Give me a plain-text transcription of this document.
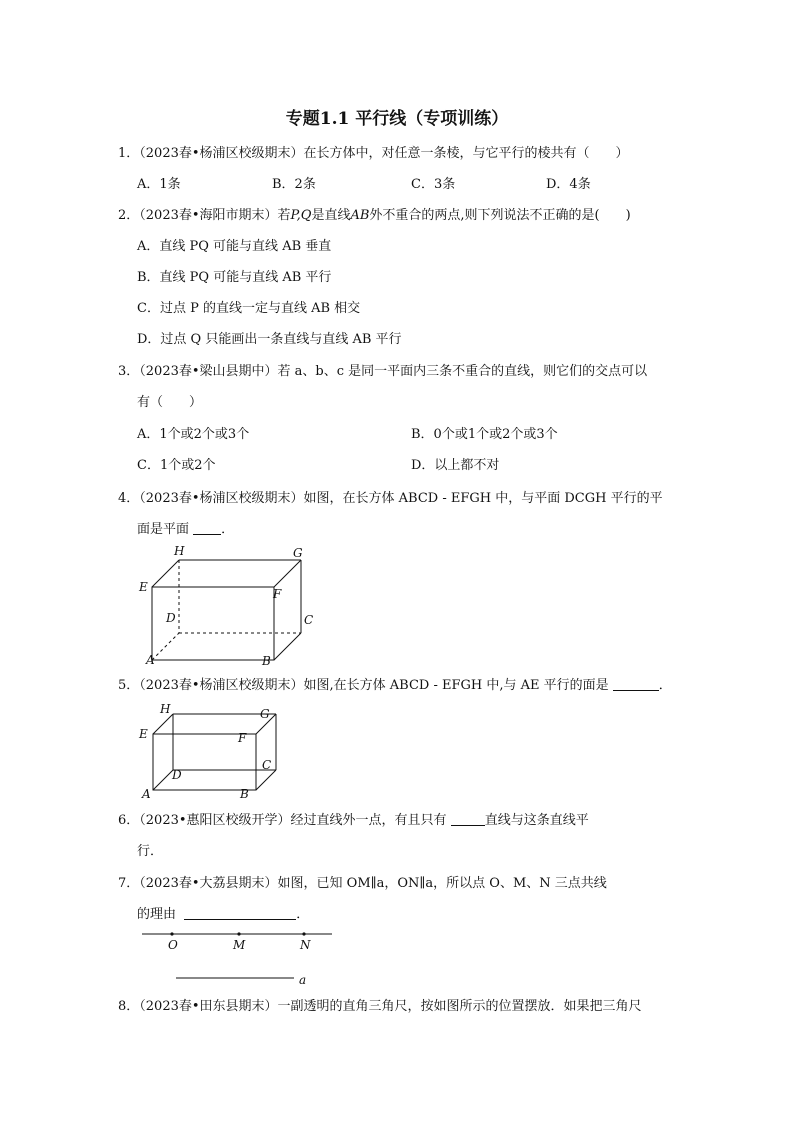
专题1.1 平行线（专项训练）
1．（2023春•杨浦区校级期末）在长方体中，对任意一条棱，与它平行的棱共有（　　）
A．1条	B．2条	C．3条	D．4条
2．（2023春•海阳市期末）若P,Q是直线AB外不重合的两点,则下列说法不正确的是(　　)
A．直线 PQ 可能与直线 AB 垂直
B．直线 PQ 可能与直线 AB 平行
C．过点 P 的直线一定与直线 AB 相交
D．过点 Q 只能画出一条直线与直线 AB 平行
3．（2023春•梁山县期中）若 a、b、c 是同一平面内三条不重合的直线，则它们的交点可以
有（　　）
A．1个或2个或3个	B．0个或1个或2个或3个
C．1个或2个	D．以上都不对
4．（2023春•杨浦区校级期末）如图，在长方体 ABCD - EFGH 中，与平面 DCGH 平行的平
面是平面 ．
H	G
E	F
D	C
A	B
5．（2023春•杨浦区校级期末）如图,在长方体 ABCD - EFGH 中,与 AE 平行的面是	．
H	G
E	F
D
C
A	B
6．（2023•惠阳区校级开学）经过直线外一点，有且只有	直线与这条直线平
行．
7．（2023春•大荔县期末）如图，已知 OM∥a，ON∥a，所以点 O、M、N 三点共线
的理由	．
O	M	N
a
8．（2023春•田东县期末）一副透明的直角三角尺，按如图所示的位置摆放．如果把三角尺
